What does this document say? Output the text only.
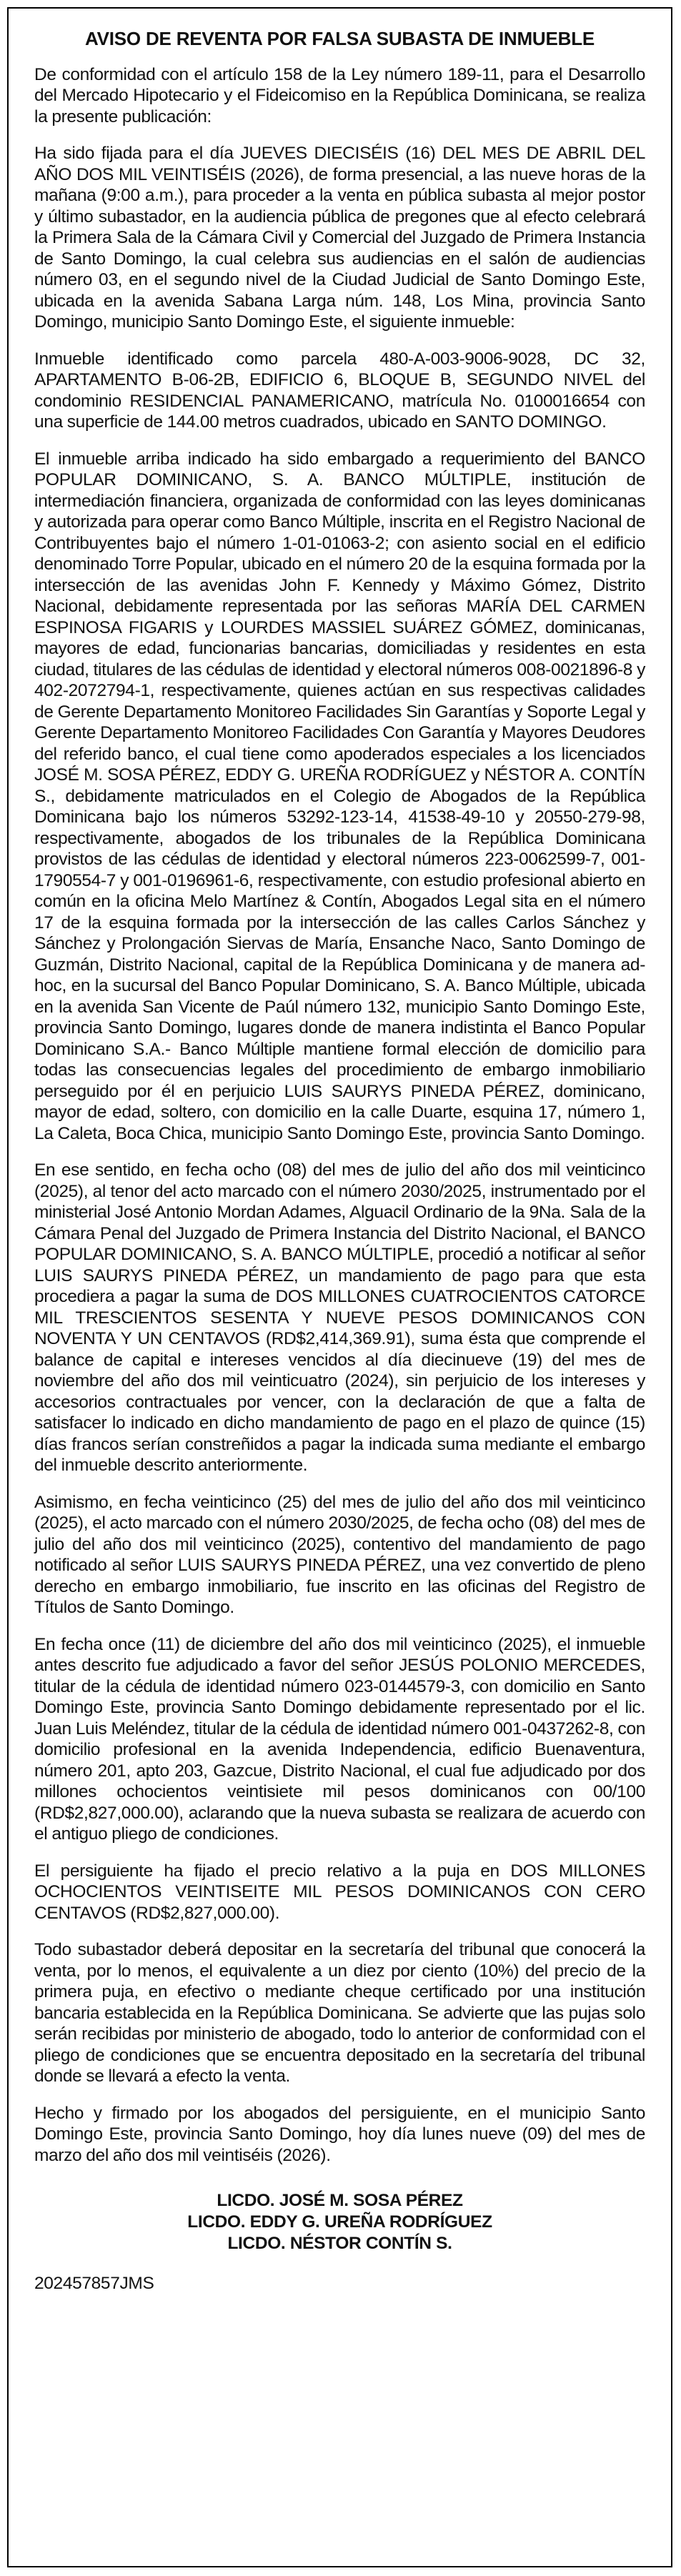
AVISO DE REVENTA POR FALSA SUBASTA DE INMUEBLE

De conformidad con el artículo 158 de la Ley número 189-11, para el Desarrollo del Mercado Hipotecario y el Fideicomiso en la República Dominicana, se realiza la presente publicación:

Ha sido fijada para el día JUEVES DIECISÉIS (16) DEL MES DE ABRIL DEL AÑO DOS MIL VEINTISÉIS (2026), de forma presencial, a las nueve horas de la mañana (9:00 a.m.), para proceder a la venta en pública subasta al mejor postor y último subastador, en la audiencia pública de pregones que al efecto celebrará la Primera Sala de la Cámara Civil y Comercial del Juzgado de Primera Instancia de Santo Domingo, la cual celebra sus audiencias en el salón de audiencias número 03, en el segundo nivel de la Ciudad Judicial de Santo Domingo Este, ubicada en la avenida Sabana Larga núm. 148, Los Mina, provincia Santo Domingo, municipio Santo Domingo Este, el siguiente inmueble:

Inmueble identificado como parcela 480-A-003-9006-9028, DC 32, APARTAMENTO B-06-2B, EDIFICIO 6, BLOQUE B, SEGUNDO NIVEL del condominio RESIDENCIAL PANAMERICANO, matrícula No. 0100016654 con una superficie de 144.00 metros cuadrados, ubicado en SANTO DOMINGO.

El inmueble arriba indicado ha sido embargado a requerimiento del BANCO POPULAR DOMINICANO, S. A. BANCO MÚLTIPLE, institución de intermediación financiera, organizada de conformidad con las leyes dominicanas y autorizada para operar como Banco Múltiple, inscrita en el Registro Nacional de Contribuyentes bajo el número 1-01-01063-2; con asiento social en el edificio denominado Torre Popular, ubicado en el número 20 de la esquina formada por la intersección de las avenidas John F. Kennedy y Máximo Gómez, Distrito Nacional, debidamente representada por las señoras MARÍA DEL CARMEN ESPINOSA FIGARIS y LOURDES MASSIEL SUÁREZ GÓMEZ, dominicanas, mayores de edad, funcionarias bancarias, domiciliadas y residentes en esta ciudad, titulares de las cédulas de identidad y electoral números 008-0021896-8 y 402-2072794-1, respectivamente, quienes actúan en sus respectivas calidades de Gerente Departamento Monitoreo Facilidades Sin Garantías y Soporte Legal y Gerente Departamento Monitoreo Facilidades Con Garantía y Mayores Deudores del referido banco, el cual tiene como apoderados especiales a los licenciados JOSÉ M. SOSA PÉREZ, EDDY G. UREÑA RODRÍGUEZ y NÉSTOR A. CONTÍN S., debidamente matriculados en el Colegio de Abogados de la República Dominicana bajo los números 53292-123-14, 41538-49-10 y 20550-279-98, respectivamente, abogados de los tribunales de la República Dominicana provistos de las cédulas de identidad y electoral números 223-0062599-7, 001-1790554-7 y 001-0196961-6, respectivamente, con estudio profesional abierto en común en la oficina Melo Martínez & Contín, Abogados Legal sita en el número 17 de la esquina formada por la intersección de las calles Carlos Sánchez y Sánchez y Prolongación Siervas de María, Ensanche Naco, Santo Domingo de Guzmán, Distrito Nacional, capital de la República Dominicana y de manera ad-hoc, en la sucursal del Banco Popular Dominicano, S. A. Banco Múltiple, ubicada en la avenida San Vicente de Paúl número 132, municipio Santo Domingo Este, provincia Santo Domingo, lugares donde de manera indistinta el Banco Popular Dominicano S.A.- Banco Múltiple mantiene formal elección de domicilio para todas las consecuencias legales del procedimiento de embargo inmobiliario perseguido por él en perjuicio LUIS SAURYS PINEDA PÉREZ, dominicano, mayor de edad, soltero, con domicilio en la calle Duarte, esquina 17, número 1, La Caleta, Boca Chica, municipio Santo Domingo Este, provincia Santo Domingo.

En ese sentido, en fecha ocho (08) del mes de julio del año dos mil veinticinco (2025), al tenor del acto marcado con el número 2030/2025, instrumentado por el ministerial José Antonio Mordan Adames, Alguacil Ordinario de la 9Na. Sala de la Cámara Penal del Juzgado de Primera Instancia del Distrito Nacional, el BANCO POPULAR DOMINICANO, S. A. BANCO MÚLTIPLE, procedió a notificar al señor LUIS SAURYS PINEDA PÉREZ, un mandamiento de pago para que esta procediera a pagar la suma de DOS MILLONES CUATROCIENTOS CATORCE MIL TRESCIENTOS SESENTA Y NUEVE PESOS DOMINICANOS CON NOVENTA Y UN CENTAVOS (RD$2,414,369.91), suma ésta que comprende el balance de capital e intereses vencidos al día diecinueve (19) del mes de noviembre del año dos mil veinticuatro (2024), sin perjuicio de los intereses y accesorios contractuales por vencer, con la declaración de que a falta de satisfacer lo indicado en dicho mandamiento de pago en el plazo de quince (15) días francos serían constreñidos a pagar la indicada suma mediante el embargo del inmueble descrito anteriormente.

Asimismo, en fecha veinticinco (25) del mes de julio del año dos mil veinticinco (2025), el acto marcado con el número 2030/2025, de fecha ocho (08) del mes de julio del año dos mil veinticinco (2025), contentivo del mandamiento de pago notificado al señor LUIS SAURYS PINEDA PÉREZ, una vez convertido de pleno derecho en embargo inmobiliario, fue inscrito en las oficinas del Registro de Títulos de Santo Domingo.

En fecha once (11) de diciembre del año dos mil veinticinco (2025), el inmueble antes descrito fue adjudicado a favor del señor JESÚS POLONIO MERCEDES, titular de la cédula de identidad número 023-0144579-3, con domicilio en Santo Domingo Este, provincia Santo Domingo debidamente representado por el lic. Juan Luis Meléndez, titular de la cédula de identidad número 001-0437262-8, con domicilio profesional en la avenida Independencia, edificio Buenaventura, número 201, apto 203, Gazcue, Distrito Nacional, el cual fue adjudicado por dos millones ochocientos veintisiete mil pesos dominicanos con 00/100 (RD$2,827,000.00), aclarando que la nueva subasta se realizara de acuerdo con el antiguo pliego de condiciones.

El persiguiente ha fijado el precio relativo a la puja en DOS MILLONES OCHOCIENTOS VEINTISEITE MIL PESOS DOMINICANOS CON CERO CENTAVOS (RD$2,827,000.00).

Todo subastador deberá depositar en la secretaría del tribunal que conocerá la venta, por lo menos, el equivalente a un diez por ciento (10%) del precio de la primera puja, en efectivo o mediante cheque certificado por una institución bancaria establecida en la República Dominicana. Se advierte que las pujas solo serán recibidas por ministerio de abogado, todo lo anterior de conformidad con el pliego de condiciones que se encuentra depositado en la secretaría del tribunal donde se llevará a efecto la venta.

Hecho y firmado por los abogados del persiguiente, en el municipio Santo Domingo Este, provincia Santo Domingo, hoy día lunes nueve (09) del mes de marzo del año dos mil veintiséis (2026).

LICDO. JOSÉ M. SOSA PÉREZ
LICDO. EDDY G. UREÑA RODRÍGUEZ
LICDO. NÉSTOR CONTÍN S.
202457857JMS
